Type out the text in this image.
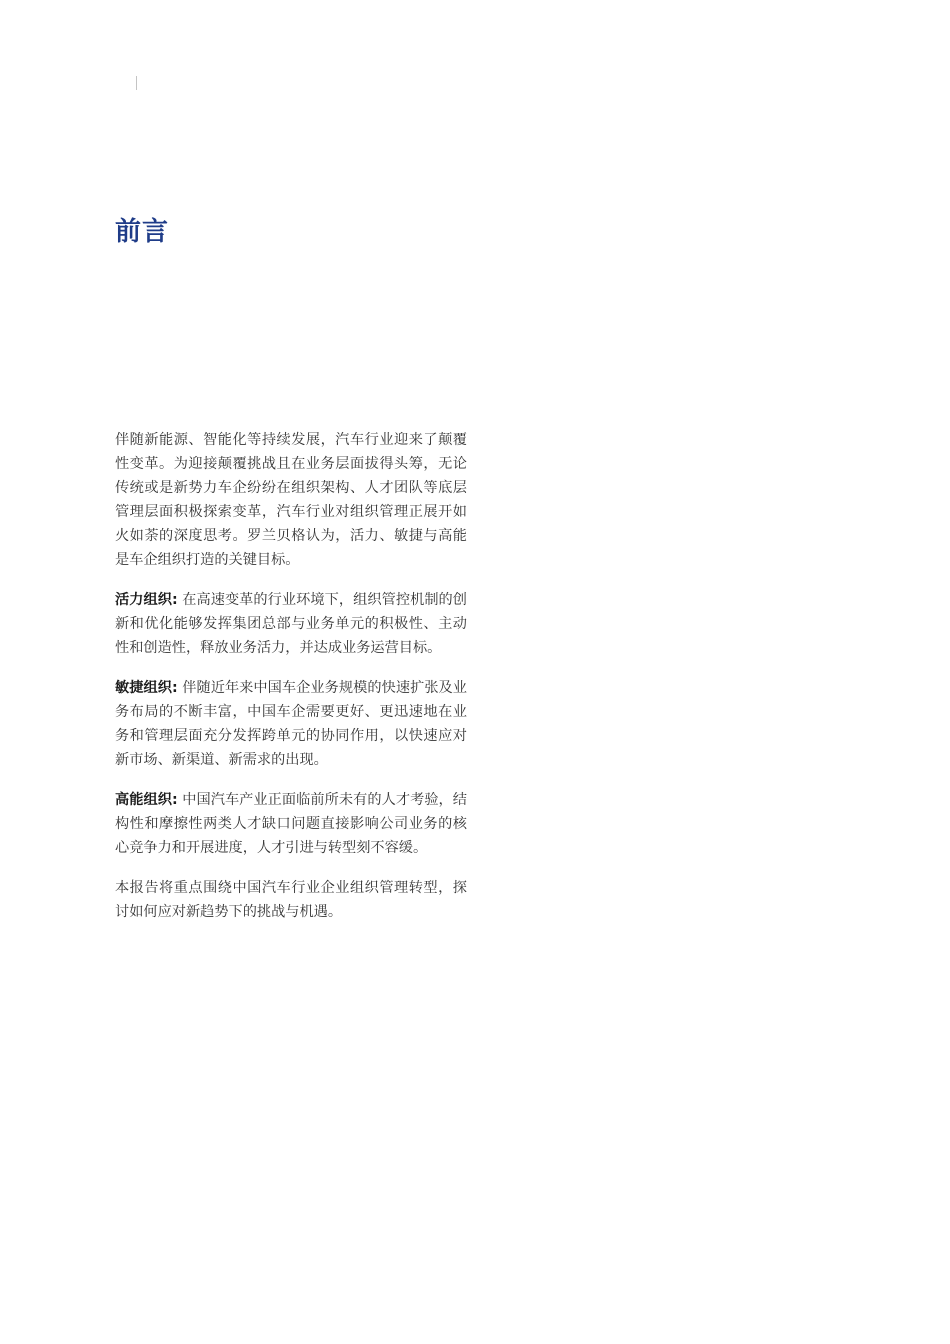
前言

伴随新能源、智能化等持续发展，汽车行业迎来了颠覆性变革。为迎接颠覆挑战且在业务层面拔得头筹，无论传统或是新势力车企纷纷在组织架构、人才团队等底层管理层面积极探索变革，汽车行业对组织管理正展开如火如荼的深度思考。罗兰贝格认为，活力、敏捷与高能是车企组织打造的关键目标。

活力组织: 在高速变革的行业环境下，组织管控机制的创新和优化能够发挥集团总部与业务单元的积极性、主动性和创造性，释放业务活力，并达成业务运营目标。

敏捷组织: 伴随近年来中国车企业务规模的快速扩张及业务布局的不断丰富，中国车企需要更好、更迅速地在业务和管理层面充分发挥跨单元的协同作用，以快速应对新市场、新渠道、新需求的出现。

高能组织: 中国汽车产业正面临前所未有的人才考验，结构性和摩擦性两类人才缺口问题直接影响公司业务的核心竞争力和开展进度，人才引进与转型刻不容缓。

本报告将重点围绕中国汽车行业企业组织管理转型，探讨如何应对新趋势下的挑战与机遇。
